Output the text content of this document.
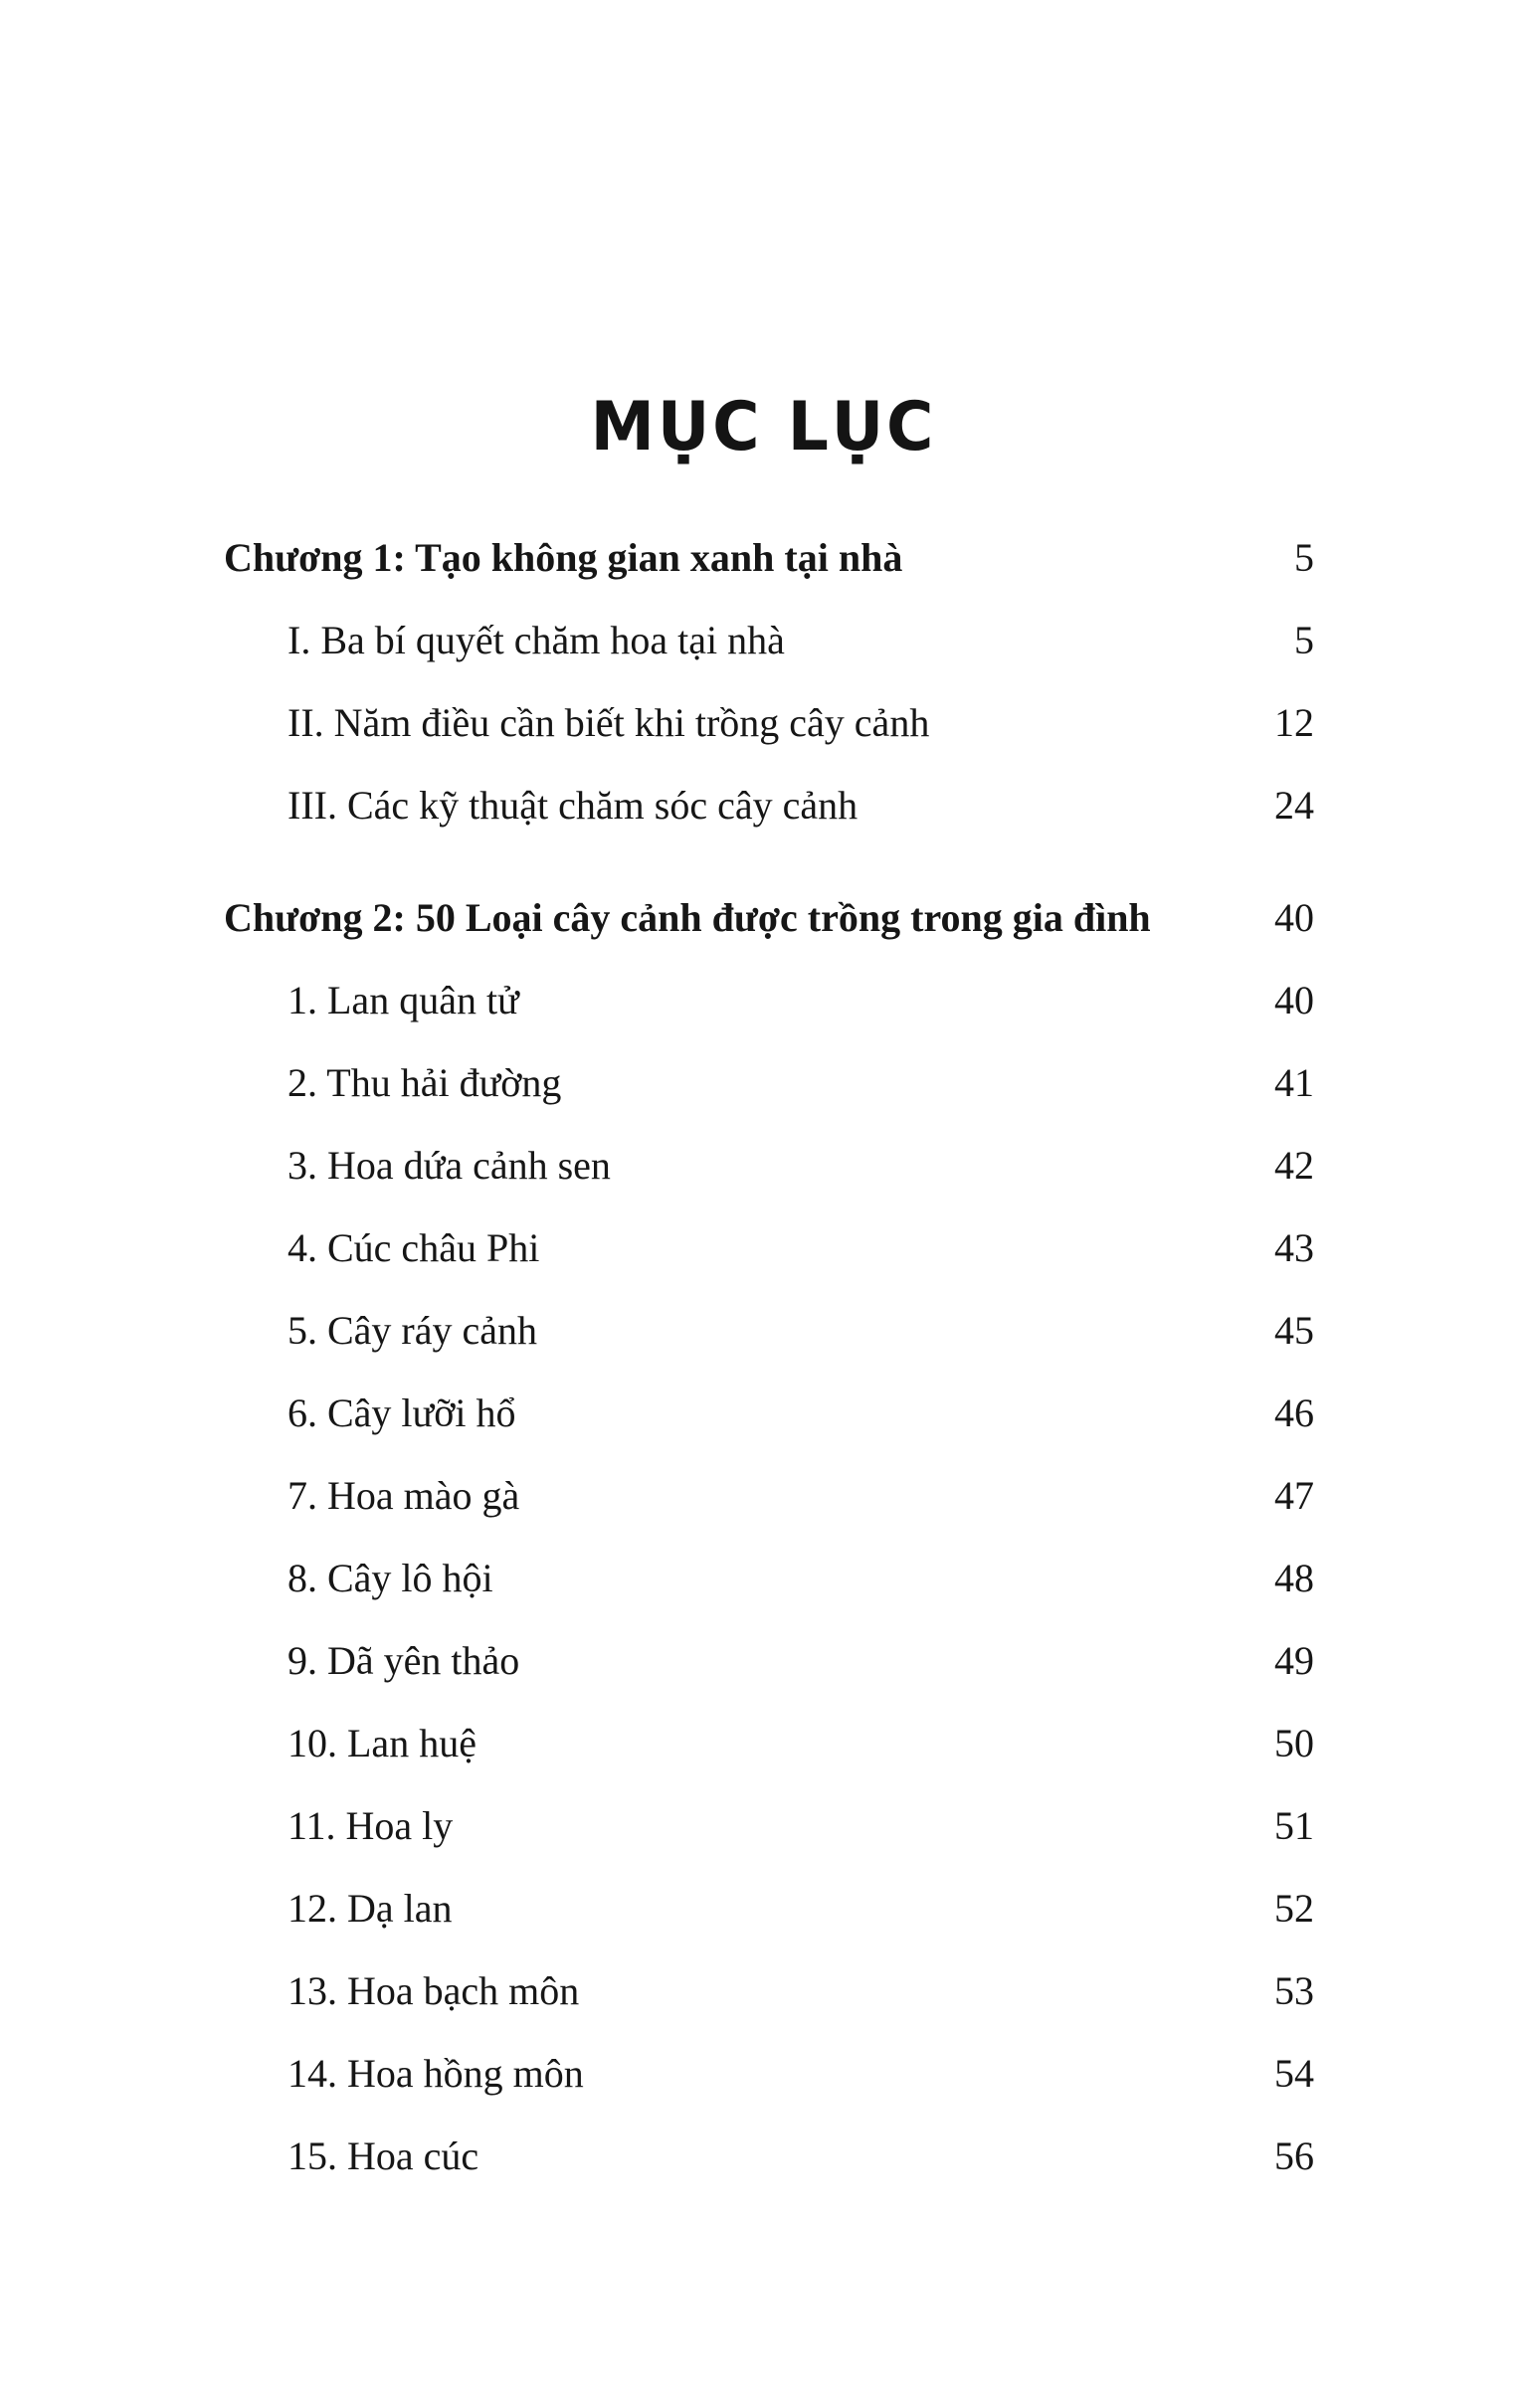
MỤC LỤC
Chương 1: Tạo không gian xanh tại nhà	5
I. Ba bí quyết chăm hoa tại nhà	5
II. Năm điều cần biết khi trồng cây cảnh	12
III. Các kỹ thuật chăm sóc cây cảnh	24
Chương 2: 50 Loại cây cảnh được trồng trong gia đình	40
1. Lan quân tử	40
2. Thu hải đường	41
3. Hoa dứa cảnh sen	42
4. Cúc châu Phi	43
5. Cây ráy cảnh	45
6. Cây lưỡi hổ	46
7. Hoa mào gà	47
8. Cây lô hội	48
9. Dã yên thảo	49
10. Lan huệ	50
11. Hoa ly	51
12. Dạ lan	52
13. Hoa bạch môn	53
14. Hoa hồng môn	54
15. Hoa cúc	56
